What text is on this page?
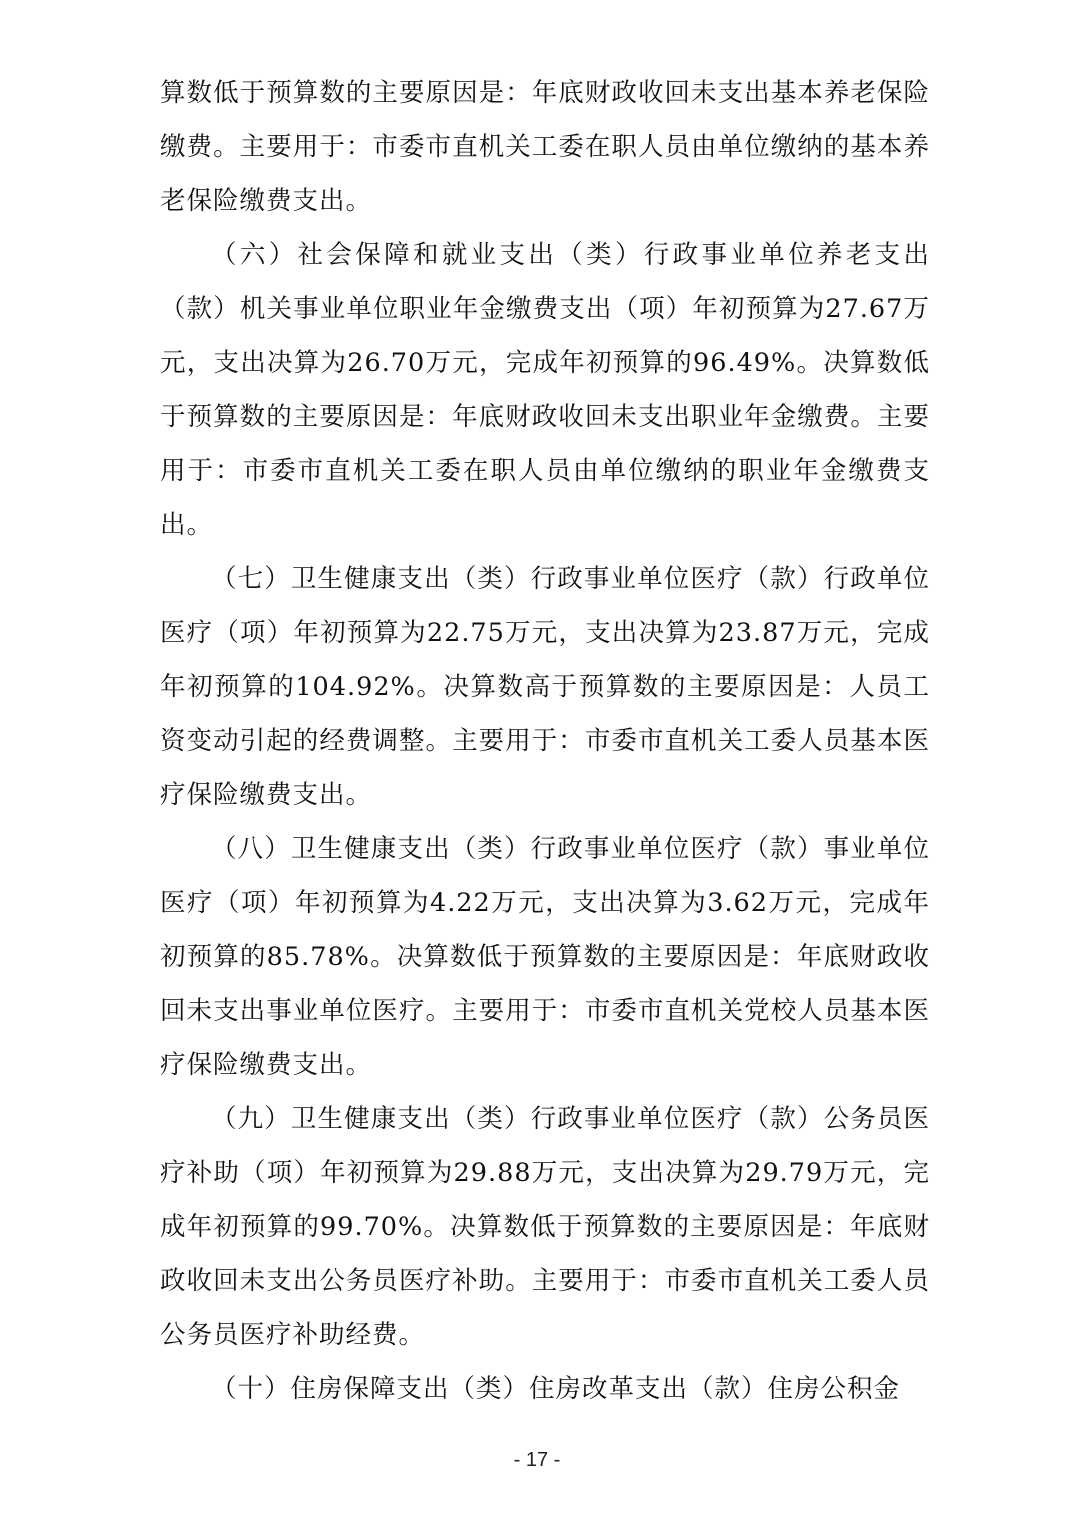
算数低于预算数的主要原因是：年底财政收回未支出基本养老保险缴费。主要用于：市委市直机关工委在职人员由单位缴纳的基本养老保险缴费支出。

（六）社会保障和就业支出（类）行政事业单位养老支出（款）机关事业单位职业年金缴费支出（项）年初预算为27.67万元，支出决算为26.70万元，完成年初预算的96.49%。决算数低于预算数的主要原因是：年底财政收回未支出职业年金缴费。主要用于：市委市直机关工委在职人员由单位缴纳的职业年金缴费支出。

（七）卫生健康支出（类）行政事业单位医疗（款）行政单位医疗（项）年初预算为22.75万元，支出决算为23.87万元，完成年初预算的104.92%。决算数高于预算数的主要原因是：人员工资变动引起的经费调整。主要用于：市委市直机关工委人员基本医疗保险缴费支出。

（八）卫生健康支出（类）行政事业单位医疗（款）事业单位医疗（项）年初预算为4.22万元，支出决算为3.62万元，完成年初预算的85.78%。决算数低于预算数的主要原因是：年底财政收回未支出事业单位医疗。主要用于：市委市直机关党校人员基本医疗保险缴费支出。

（九）卫生健康支出（类）行政事业单位医疗（款）公务员医疗补助（项）年初预算为29.88万元，支出决算为29.79万元，完成年初预算的99.70%。决算数低于预算数的主要原因是：年底财政收回未支出公务员医疗补助。主要用于：市委市直机关工委人员公务员医疗补助经费。

（十）住房保障支出（类）住房改革支出（款）住房公积金

- 17 -
